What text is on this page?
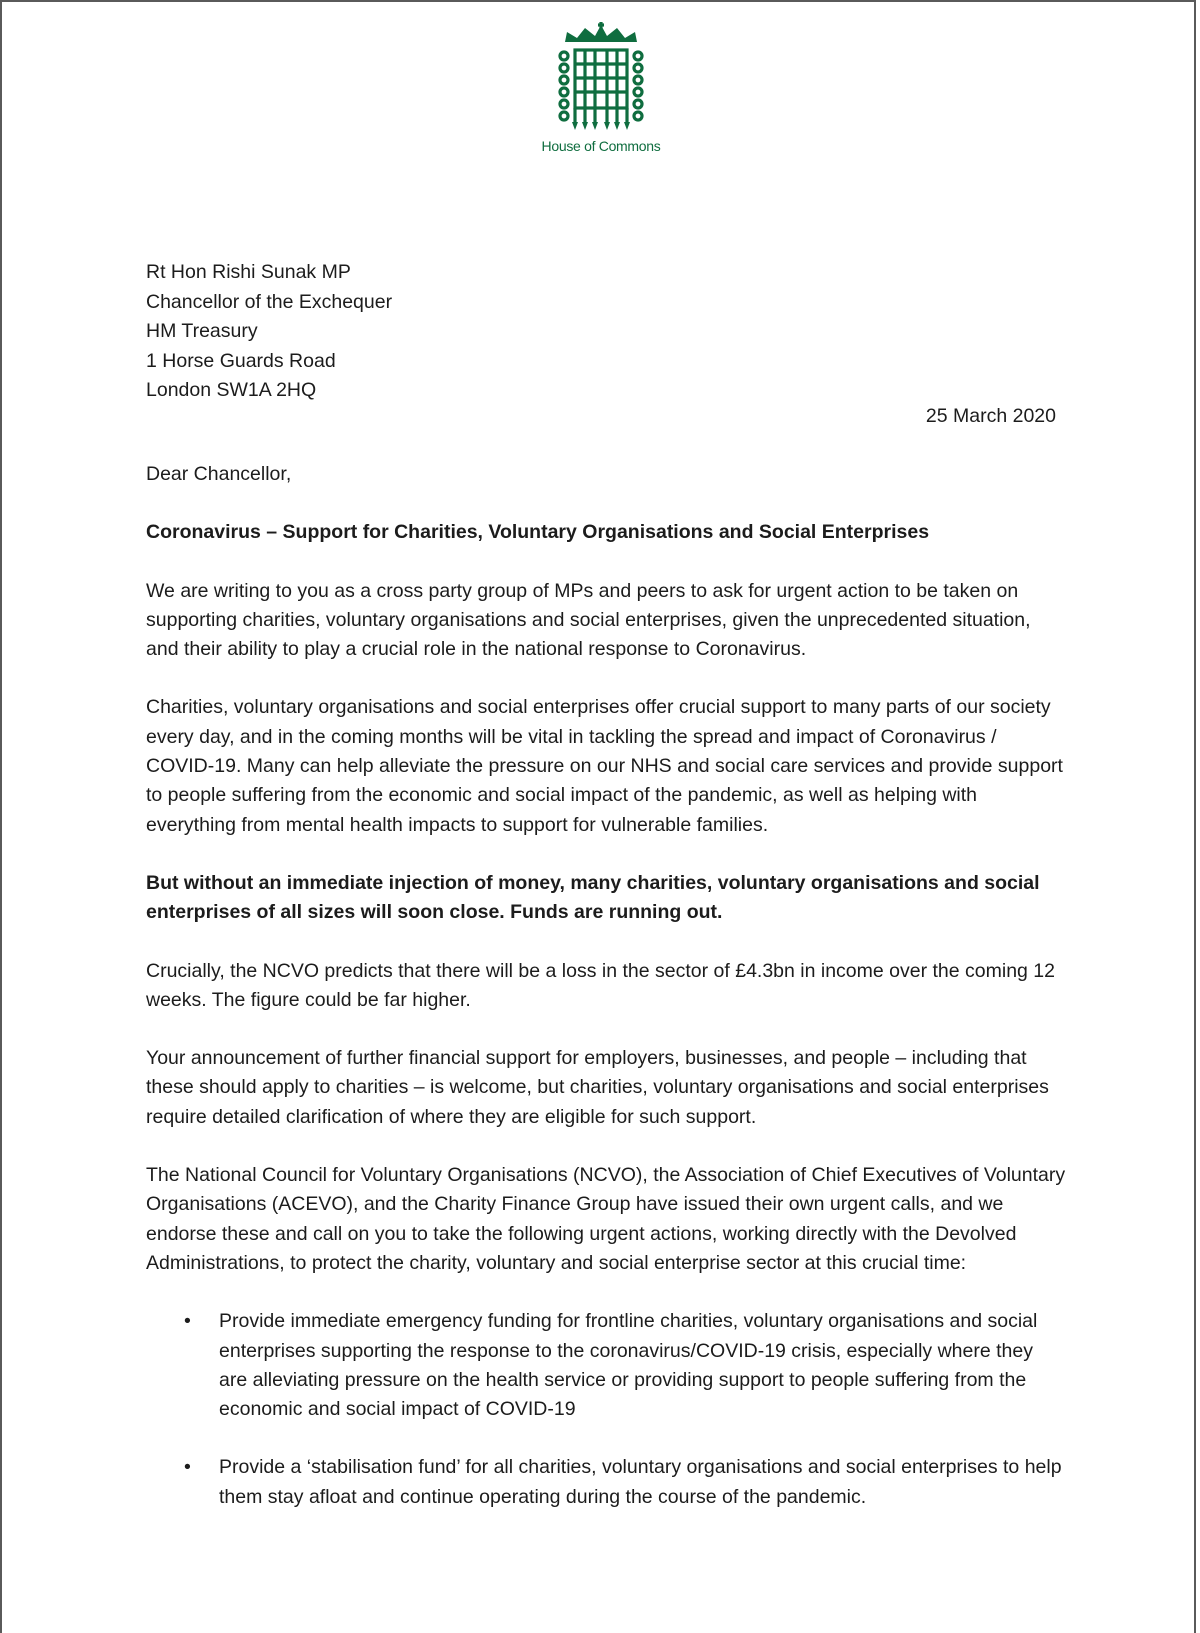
House of Commons
Rt Hon Rishi Sunak MP
Chancellor of the Exchequer
HM Treasury
1 Horse Guards Road
London SW1A 2HQ
25 March 2020

Dear Chancellor,

Coronavirus – Support for Charities, Voluntary Organisations and Social Enterprises

We are writing to you as a cross party group of MPs and peers to ask for urgent action to be taken on supporting charities, voluntary organisations and social enterprises, given the unprecedented situation, and their ability to play a crucial role in the national response to Coronavirus.

Charities, voluntary organisations and social enterprises offer crucial support to many parts of our society every day, and in the coming months will be vital in tackling the spread and impact of Coronavirus / COVID-19. Many can help alleviate the pressure on our NHS and social care services and provide support to people suffering from the economic and social impact of the pandemic, as well as helping with everything from mental health impacts to support for vulnerable families.

But without an immediate injection of money, many charities, voluntary organisations and social enterprises of all sizes will soon close. Funds are running out.

Crucially, the NCVO predicts that there will be a loss in the sector of £4.3bn in income over the coming 12 weeks. The figure could be far higher.

Your announcement of further financial support for employers, businesses, and people – including that these should apply to charities – is welcome, but charities, voluntary organisations and social enterprises require detailed clarification of where they are eligible for such support.

The National Council for Voluntary Organisations (NCVO), the Association of Chief Executives of Voluntary Organisations (ACEVO), and the Charity Finance Group have issued their own urgent calls, and we endorse these and call on you to take the following urgent actions, working directly with the Devolved Administrations, to protect the charity, voluntary and social enterprise sector at this crucial time:

• Provide immediate emergency funding for frontline charities, voluntary organisations and social enterprises supporting the response to the coronavirus/COVID-19 crisis, especially where they are alleviating pressure on the health service or providing support to people suffering from the economic and social impact of COVID-19
• Provide a ‘stabilisation fund’ for all charities, voluntary organisations and social enterprises to help them stay afloat and continue operating during the course of the pandemic.
